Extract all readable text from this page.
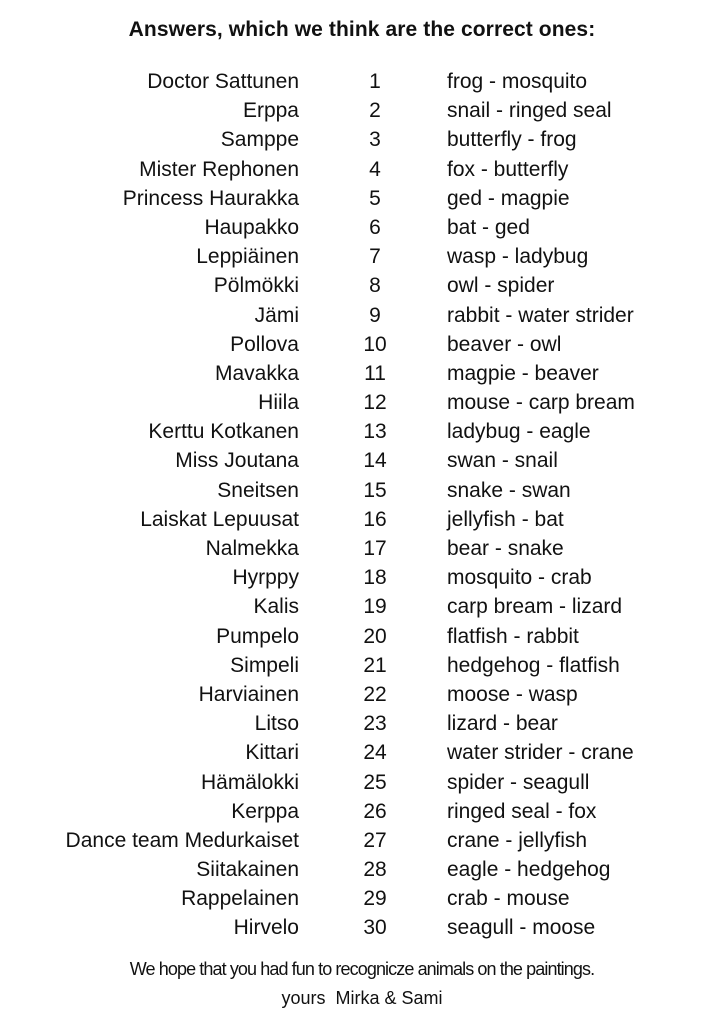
Answers, which we think are the correct ones:
Doctor Sattunen	1	frog - mosquito
Erppa	2	snail - ringed seal
Samppe	3	butterfly - frog
Mister Rephonen	4	fox - butterfly
Princess Haurakka	5	ged - magpie
Haupakko	6	bat - ged
Leppiäinen	7	wasp - ladybug
Pölmökki	8	owl - spider
Jämi	9	rabbit - water strider
Pollova	10	beaver - owl
Mavakka	11	magpie - beaver
Hiila	12	mouse - carp bream
Kerttu Kotkanen	13	ladybug - eagle
Miss Joutana	14	swan - snail
Sneitsen	15	snake - swan
Laiskat Lepuusat	16	jellyfish - bat
Nalmekka	17	bear - snake
Hyrppy	18	mosquito - crab
Kalis	19	carp bream - lizard
Pumpelo	20	flatfish - rabbit
Simpeli	21	hedgehog - flatfish
Harviainen	22	moose - wasp
Litso	23	lizard - bear
Kittari	24	water strider - crane
Hämälokki	25	spider - seagull
Kerppa	26	ringed seal - fox
Dance team Medurkaiset	27	crane - jellyfish
Siitakainen	28	eagle - hedgehog
Rappelainen	29	crab - mouse
Hirvelo	30	seagull - moose
We hope that you had fun to recognicze animals on the paintings.
yours  Mirka & Sami
